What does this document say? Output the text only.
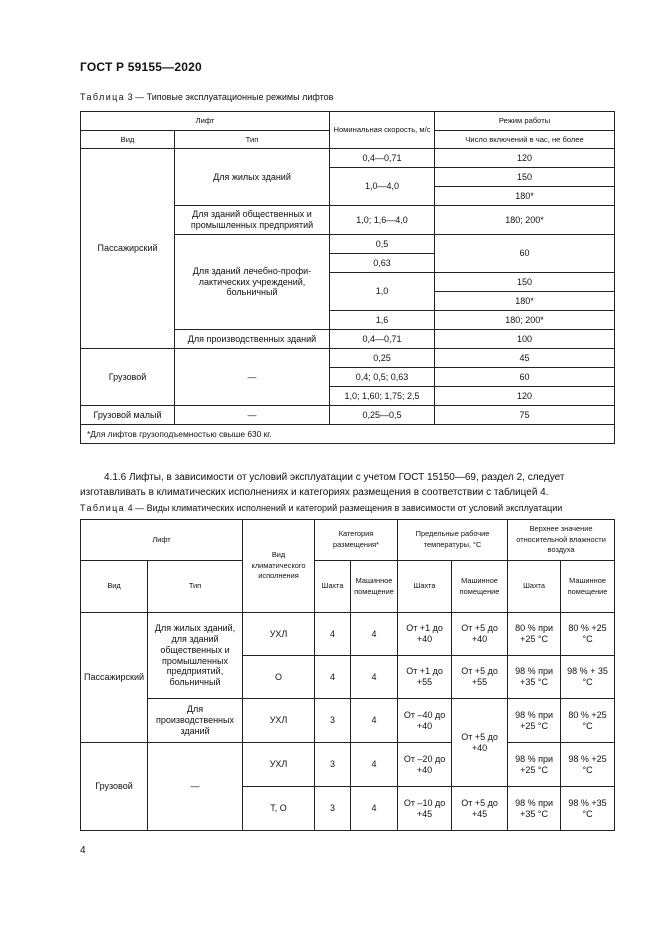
ГОСТ Р 59155—2020
Таблица 3 — Типовые эксплуатационные режимы лифтов
Лифт		Номинальная скорость, м/с	Режим работы
Вид	Тип		Число включений в час, не более
Пассажирский	Для жилых зданий	0,4—0,71	120
		1,0—4,0	150
			180*
	Для зданий общественных и промышленных предприятий	1,0; 1,6—4,0	180; 200*
	Для зданий лечебно-профи-лактических учреждений, больничный	0,5	60
		0,63	
		1,0	150
			180*
		1,6	180; 200*
	Для производственных зданий	0,4—0,71	100
Грузовой	—	0,25	45
		0,4; 0,5; 0,63	60
		1,0; 1,60; 1,75; 2,5	120
Грузовой малый	—	0,25—0,5	75
*Для лифтов грузоподъемностью свыше 630 кг.			
4.1.6 Лифты, в зависимости от условий эксплуатации с учетом ГОСТ 15150—69, раздел 2, следует изготавливать в климатических исполнениях и категориях размещения в соответствии с таблицей 4.
Таблица 4 — Виды климатических исполнений и категорий размещения в зависимости от условий эксплуатации
Лифт		Вид климатического исполнения	Категория размещения*		Предельные рабочие температуры, °С		Верхнее значение относительной влажности воздуха	
Вид	Тип		Шахта	Машинное помещение	Шахта	Машинное помещение	Шахта	Машинное помещение
Пассажирский	Для жилых зданий, для зданий общественных и промышленных предприятий, больничный	УХЛ	4	4	От +1 до +40	От +5 до +40	80 % при +25 °С	80 % +25 °С
		О	4	4	От +1 до +55	От +5 до +55	98 % при +35 °С	98 % + 35 °С
	Для производственных зданий	УХЛ	3	4	От –40 до +40	От +5 до +40	98 % при +25 °С	80 % +25 °С
Грузовой	—	УХЛ	3	4	От –20 до +40		98 % при +25 °С	98 % +25 °С
		Т, О	3	4	От –10 до +45	От +5 до +45	98 % при +35 °С	98 % +35 °С
4
